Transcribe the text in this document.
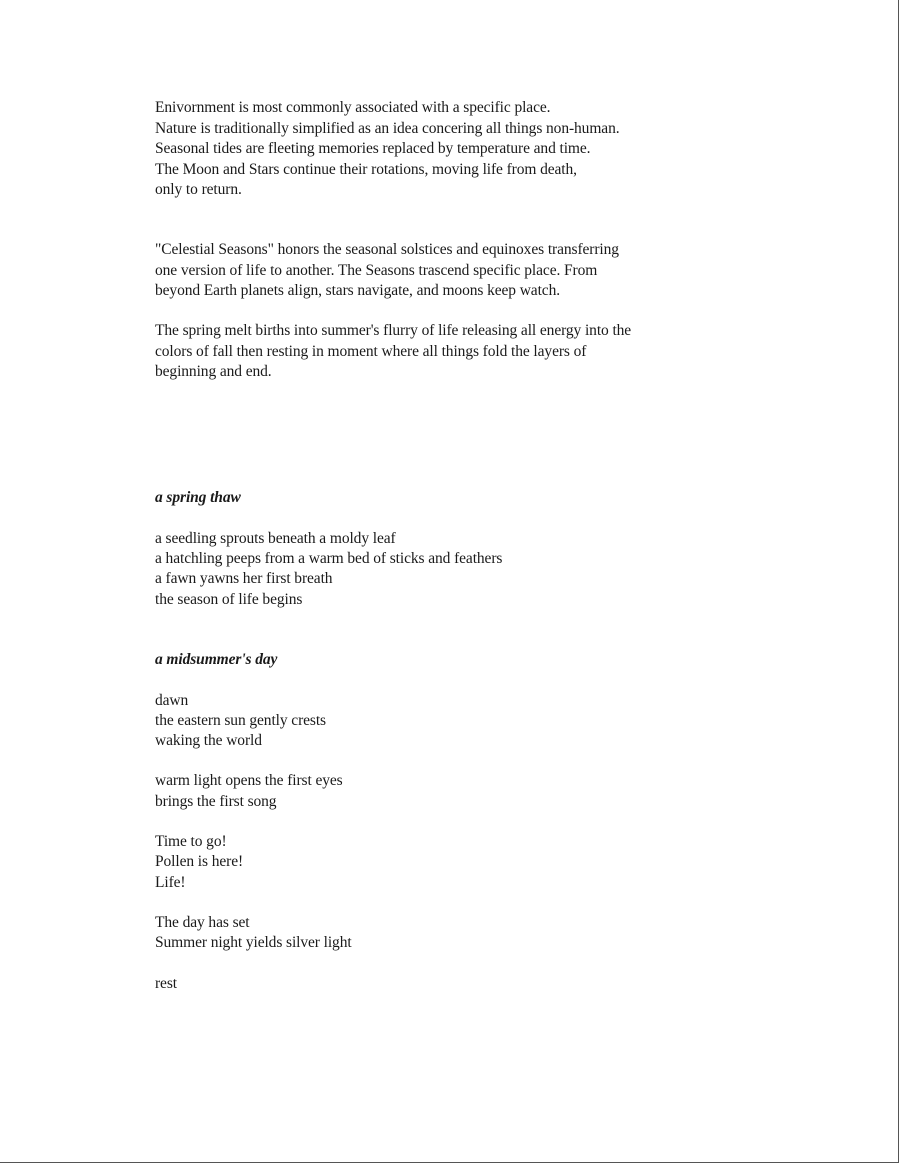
Enivornment is most commonly associated with a specific place.
Nature is traditionally simplified as an idea concering all things non-human.
Seasonal tides are fleeting memories replaced by temperature and time.
The Moon and Stars continue their rotations, moving life from death,
only to return.
"Celestial Seasons" honors the seasonal solstices and equinoxes transferring
one version of life to another. The Seasons trascend specific place. From
beyond Earth planets align, stars navigate, and moons keep watch.
The spring melt births into summer's flurry of life releasing all energy into the
colors of fall then resting in moment where all things fold the layers of
beginning and end.
a spring thaw
a seedling sprouts beneath a moldy leaf
a hatchling peeps from a warm bed of sticks and feathers
a fawn yawns her first breath
the season of life begins
a midsummer's day
dawn
the eastern sun gently crests
waking the world
warm light opens the first eyes
brings the first song
Time to go!
Pollen is here!
Life!
The day has set
Summer night yields silver light
rest
